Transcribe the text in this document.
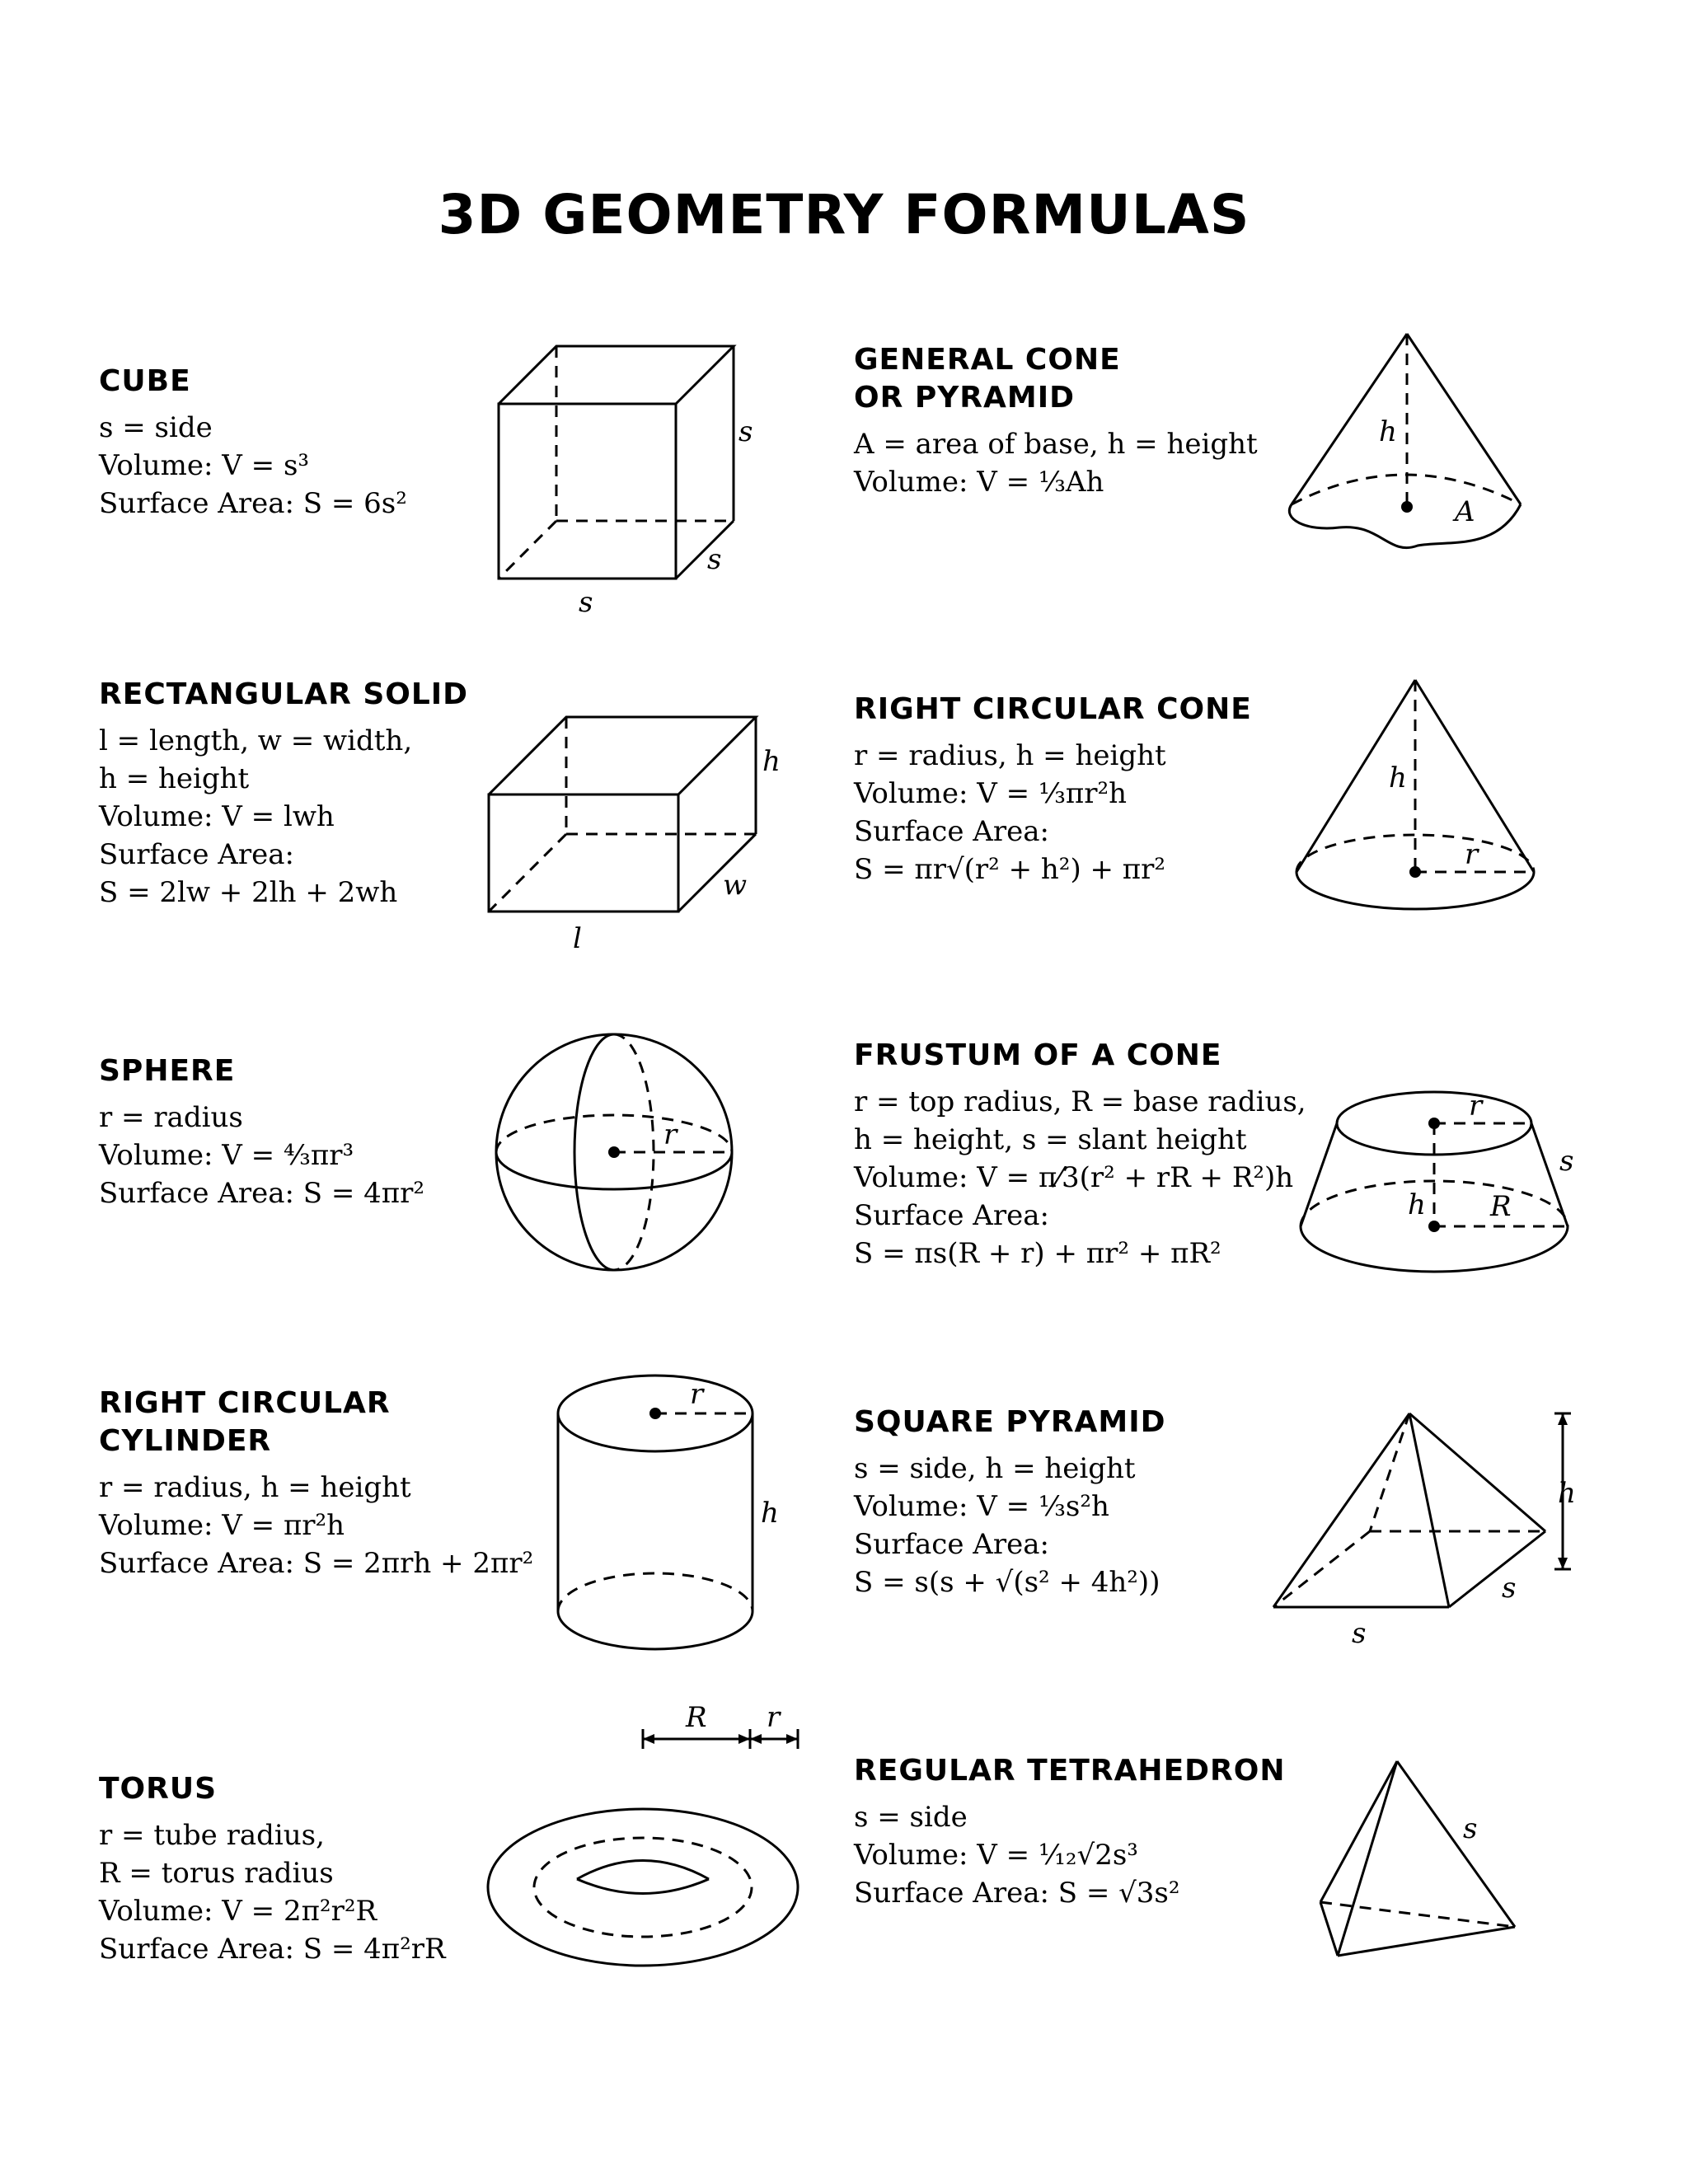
3D GEOMETRY FORMULAS
CUBE
s = side
Volume: V = s³
Surface Area: S = 6s²
RECTANGULAR SOLID
l = length, w = width,
h = height
Volume: V = lwh
Surface Area:
S = 2lw + 2lh + 2wh
SPHERE
r = radius
Volume: V = ⁴⁄₃πr³
Surface Area: S = 4πr²
RIGHT CIRCULAR
CYLINDER
r = radius, h = height
Volume: V = πr²h
Surface Area: S = 2πrh + 2πr²
TORUS
r = tube radius,
R = torus radius
Volume: V = 2π²r²R
Surface Area: S = 4π²rR
GENERAL CONE
OR PYRAMID
A = area of base, h = height
Volume: V = ⅓Ah
RIGHT CIRCULAR CONE
r = radius, h = height
Volume: V = ⅓πr²h
Surface Area:
S = πr√(r² + h²) + πr²
FRUSTUM OF A CONE
r = top radius, R = base radius,
h = height, s = slant height
Volume: V = π⁄3(r² + rR + R²)h
Surface Area:
S = πs(R + r) + πr² + πR²
SQUARE PYRAMID
s = side, h = height
Volume: V = ⅓s²h
Surface Area:
S = s(s + √(s² + 4h²))
REGULAR TETRAHEDRON
s = side
Volume: V = ¹⁄₁₂√2s³
Surface Area: S = √3s²
s
s
s
h
w
l
r
r
h
R r
h
A
h
r
r
s
h R
h
s
s
s
